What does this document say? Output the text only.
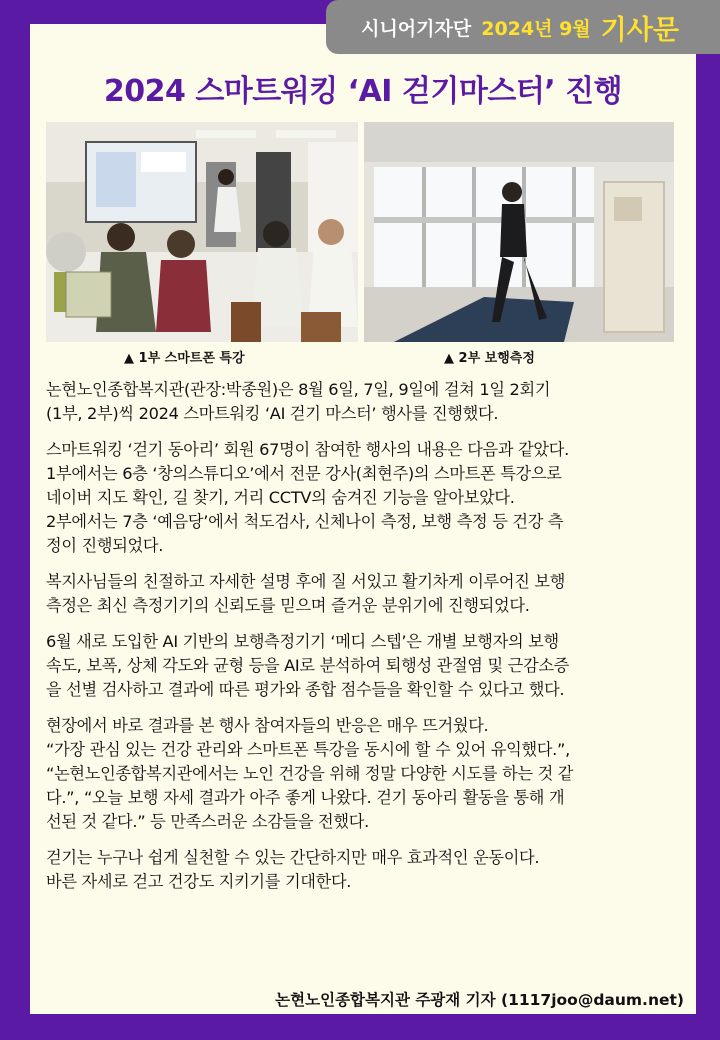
시니어기자단 2024년 9월 기사문
2024 스마트워킹 ‘AI 걷기마스터’ 진행
▲ 1부 스마트폰 특강	▲ 2부 보행측정

논현노인종합복지관(관장:박종원)은 8월 6일, 7일, 9일에 걸쳐 1일 2회기
(1부, 2부)씩 2024 스마트워킹 ‘AI 걷기 마스터’ 행사를 진행했다.

스마트워킹 ‘걷기 동아리’ 회원 67명이 참여한 행사의 내용은 다음과 같았다.
1부에서는 6층 ‘창의스튜디오’에서 전문 강사(최현주)의 스마트폰 특강으로
네이버 지도 확인, 길 찾기, 거리 CCTV의 숨겨진 기능을 알아보았다.
2부에서는 7층 ‘예음당’에서 척도검사, 신체나이 측정, 보행 측정 등 건강 측
정이 진행되었다.

복지사님들의 친절하고 자세한 설명 후에 질 서있고 활기차게 이루어진 보행
측정은 최신 측정기기의 신뢰도를 믿으며 즐거운 분위기에 진행되었다.

6월 새로 도입한 AI 기반의 보행측정기기 ‘메디 스텝’은 개별 보행자의 보행
속도, 보폭, 상체 각도와 균형 등을 AI로 분석하여 퇴행성 관절염 및 근감소증
을 선별 검사하고 결과에 따른 평가와 종합 점수들을 확인할 수 있다고 했다.

현장에서 바로 결과를 본 행사 참여자들의 반응은 매우 뜨거웠다.
“가장 관심 있는 건강 관리와 스마트폰 특강을 동시에 할 수 있어 유익했다.”,
“논현노인종합복지관에서는 노인 건강을 위해 정말 다양한 시도를 하는 것 같
다.”, “오늘 보행 자세 결과가 아주 좋게 나왔다. 걷기 동아리 활동을 통해 개
선된 것 같다.” 등 만족스러운 소감들을 전했다.

걷기는 누구나 쉽게 실천할 수 있는 간단하지만 매우 효과적인 운동이다.
바른 자세로 걷고 건강도 지키기를 기대한다.

논현노인종합복지관 주광재 기자 (1117joo@daum.net)
